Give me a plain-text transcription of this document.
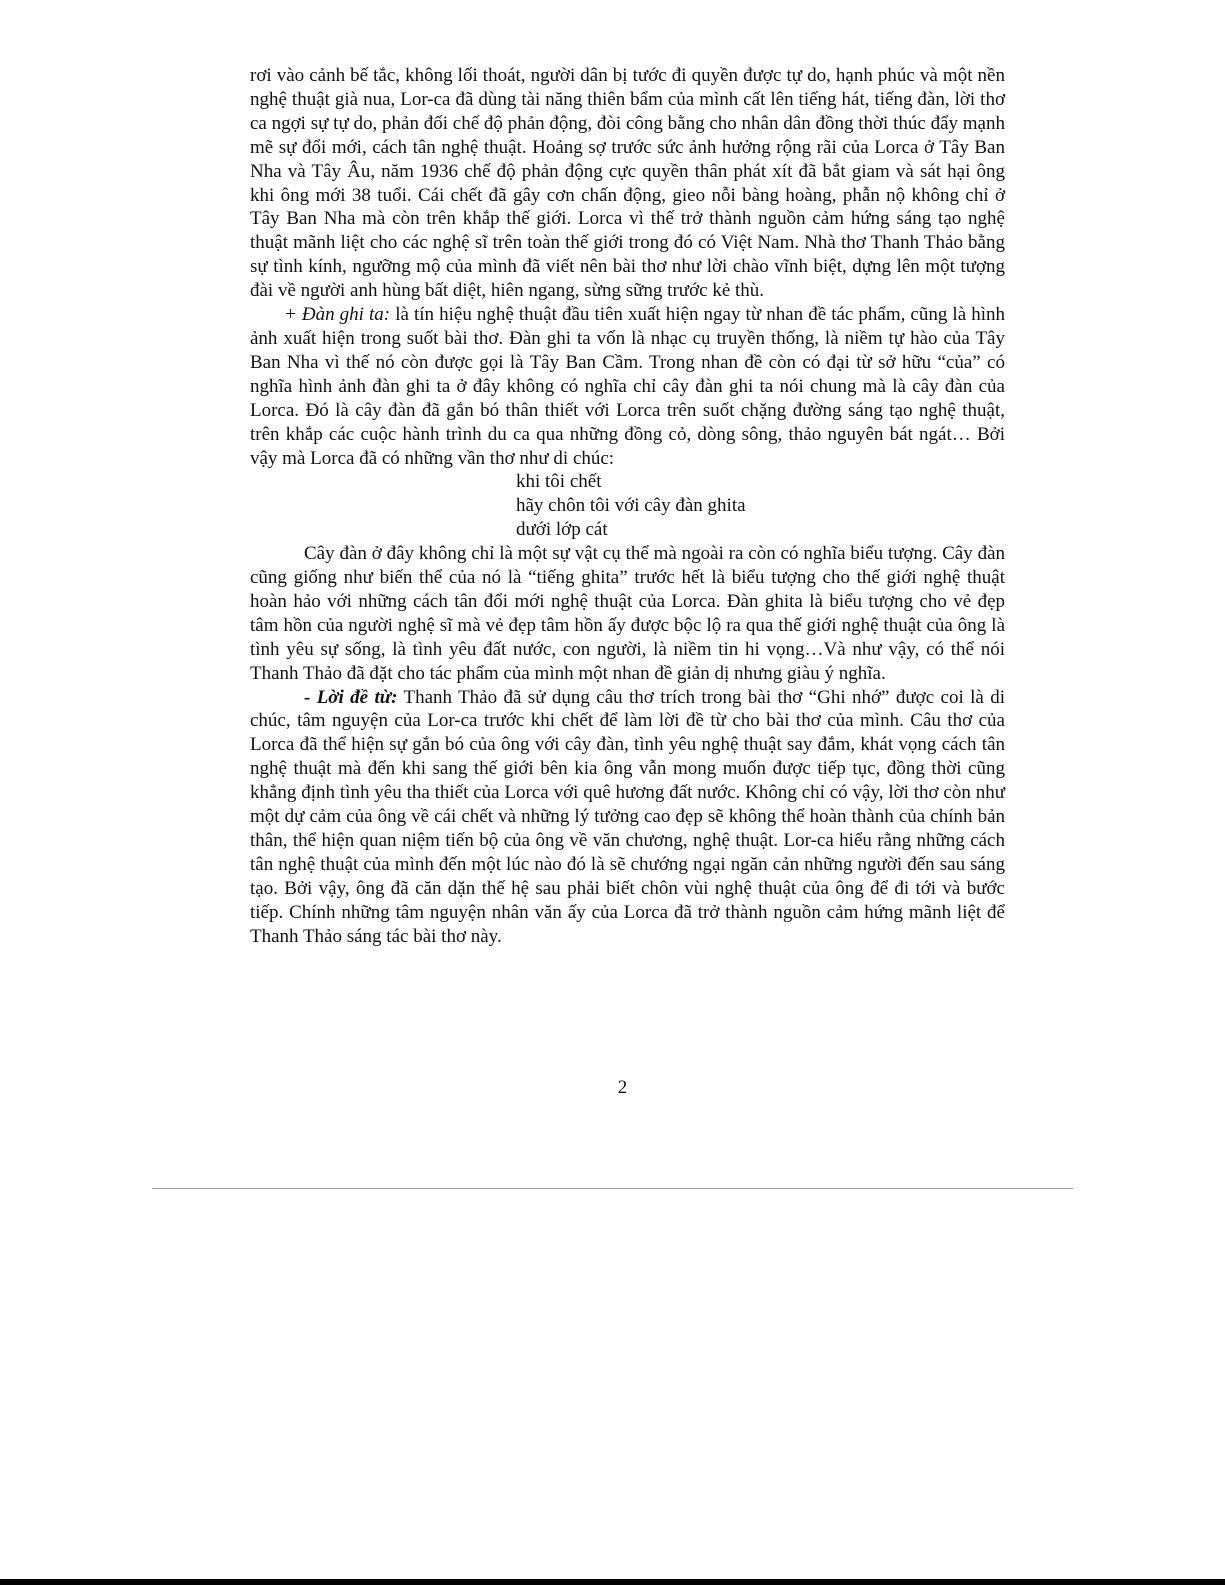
rơi vào cảnh bế tắc, không lối thoát, người dân bị tước đi quyền được tự do, hạnh phúc và một nền nghệ thuật già nua, Lor-ca đã dùng tài năng thiên bẩm của mình cất lên tiếng hát, tiếng đàn, lời thơ ca ngợi sự tự do, phản đối chế độ phản động, đòi công bằng cho nhân dân đồng thời thúc đẩy mạnh mẽ sự đổi mới, cách tân nghệ thuật. Hoảng sợ trước sức ảnh hưởng rộng rãi của Lorca ở Tây Ban Nha và Tây Âu, năm 1936 chế độ phản động cực quyền thân phát xít đã bắt giam và sát hại ông khi ông mới 38 tuổi. Cái chết đã gây cơn chấn động, gieo nỗi bàng hoàng, phẫn nộ không chỉ ở Tây Ban Nha mà còn trên khắp thế giới. Lorca vì thế trở thành nguồn cảm hứng sáng tạo nghệ thuật mãnh liệt cho các nghệ sĩ trên toàn thế giới trong đó có Việt Nam. Nhà thơ Thanh Thảo bằng sự tình kính, ngưỡng mộ của mình đã viết nên bài thơ như lời chào vĩnh biệt, dựng lên một tượng đài về người anh hùng bất diệt, hiên ngang, sừng sững trước kẻ thù.

+ Đàn ghi ta: là tín hiệu nghệ thuật đầu tiên xuất hiện ngay từ nhan đề tác phẩm, cũng là hình ảnh xuất hiện trong suốt bài thơ. Đàn ghi ta vốn là nhạc cụ truyền thống, là niềm tự hào của Tây Ban Nha vì thế nó còn được gọi là Tây Ban Cầm. Trong nhan đề còn có đại từ sở hữu “của” có nghĩa hình ảnh đàn ghi ta ở đây không có nghĩa chỉ cây đàn ghi ta nói chung mà là cây đàn của Lorca. Đó là cây đàn đã gắn bó thân thiết với Lorca trên suốt chặng đường sáng tạo nghệ thuật, trên khắp các cuộc hành trình du ca qua những đồng cỏ, dòng sông, thảo nguyên bát ngát… Bởi vậy mà Lorca đã có những vần thơ như di chúc:

khi tôi chết
hãy chôn tôi với cây đàn ghita
dưới lớp cát

Cây đàn ở đây không chỉ là một sự vật cụ thể mà ngoài ra còn có nghĩa biểu tượng. Cây đàn cũng giống như biến thể của nó là “tiếng ghita” trước hết là biểu tượng cho thế giới nghệ thuật hoàn hảo với những cách tân đổi mới nghệ thuật của Lorca. Đàn ghita là biểu tượng cho vẻ đẹp tâm hồn của người nghệ sĩ mà vẻ đẹp tâm hồn ấy được bộc lộ ra qua thế giới nghệ thuật của ông là tình yêu sự sống, là tình yêu đất nước, con người, là niềm tin hi vọng…Và như vậy, có thể nói Thanh Thảo đã đặt cho tác phẩm của mình một nhan đề giản dị nhưng giàu ý nghĩa.

- Lời đề từ: Thanh Thảo đã sử dụng câu thơ trích trong bài thơ “Ghi nhớ” được coi là di chúc, tâm nguyện của Lor-ca trước khi chết để làm lời đề từ cho bài thơ của mình. Câu thơ của Lorca đã thể hiện sự gắn bó của ông với cây đàn, tình yêu nghệ thuật say đắm, khát vọng cách tân nghệ thuật mà đến khi sang thế giới bên kia ông vẫn mong muốn được tiếp tục, đồng thời cũng khẳng định tình yêu tha thiết của Lorca với quê hương đất nước. Không chỉ có vậy, lời thơ còn như một dự cảm của ông về cái chết và những lý tưởng cao đẹp sẽ không thể hoàn thành của chính bản thân, thể hiện quan niệm tiến bộ của ông về văn chương, nghệ thuật. Lor-ca hiểu rằng những cách tân nghệ thuật của mình đến một lúc nào đó là sẽ chướng ngại ngăn cản những người đến sau sáng tạo. Bởi vậy, ông đã căn dặn thế hệ sau phải biết chôn vùi nghệ thuật của ông để đi tới và bước tiếp. Chính những tâm nguyện nhân văn ấy của Lorca đã trở thành nguồn cảm hứng mãnh liệt để Thanh Thảo sáng tác bài thơ này.

2
